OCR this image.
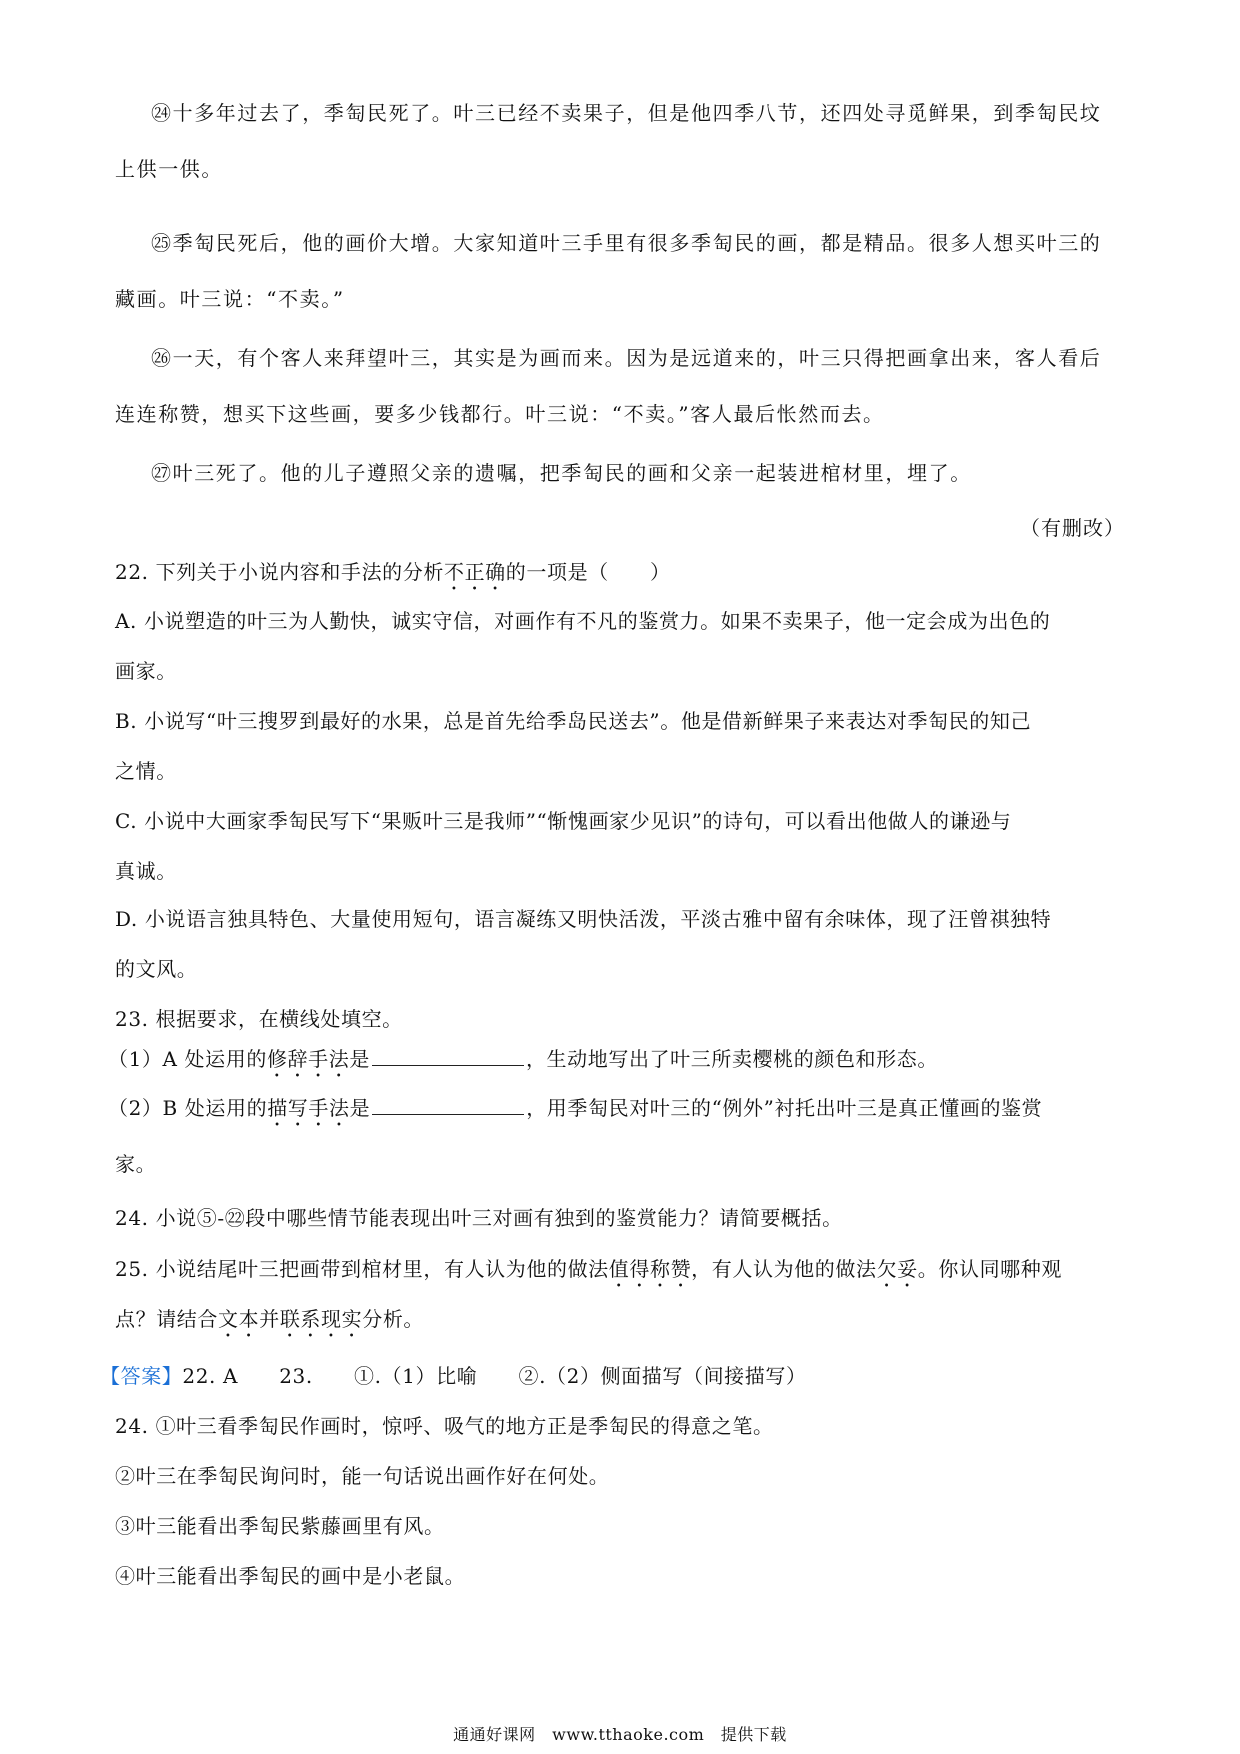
㉔十多年过去了，季匋民死了。叶三已经不卖果子，但是他四季八节，还四处寻觅鲜果，到季匋民坟
上供一供。
㉕季匋民死后，他的画价大增。大家知道叶三手里有很多季匋民的画，都是精品。很多人想买叶三的
藏画。叶三说：“不卖。”
㉖一天，有个客人来拜望叶三，其实是为画而来。因为是远道来的，叶三只得把画拿出来，客人看后
连连称赞，想买下这些画，要多少钱都行。叶三说：“不卖。”客人最后怅然而去。
㉗叶三死了。他的儿子遵照父亲的遗嘱，把季匋民的画和父亲一起装进棺材里，埋了。
（有删改）
22. 下列关于小说内容和手法的分析不正确的一项是（　　）
A. 小说塑造的叶三为人勤快，诚实守信，对画作有不凡的鉴赏力。如果不卖果子，他一定会成为出色的
画家。
B. 小说写“叶三搜罗到最好的水果，总是首先给季岛民送去”。他是借新鲜果子来表达对季匋民的知己
之情。
C. 小说中大画家季匋民写下“果贩叶三是我师”“惭愧画家少见识”的诗句，可以看出他做人的谦逊与
真诚。
D. 小说语言独具特色、大量使用短句，语言凝练又明快活泼，平淡古雅中留有余味体，现了汪曾祺独特
的文风。
23. 根据要求，在横线处填空。
（1）A 处运用的修辞手法是	，生动地写出了叶三所卖樱桃的颜色和形态。
（2）B 处运用的描写手法是	，用季匋民对叶三的“例外”衬托出叶三是真正懂画的鉴赏
家。
24. 小说⑤-㉒段中哪些情节能表现出叶三对画有独到的鉴赏能力？请简要概括。
25. 小说结尾叶三把画带到棺材里，有人认为他的做法值得称赞，有人认为他的做法欠妥。你认同哪种观
点？请结合文本并联系现实分析。
【答案】22. A　　23.　　①.（1）比喻　　②.（2）侧面描写（间接描写）
24. ①叶三看季匋民作画时，惊呼、吸气的地方正是季匋民的得意之笔。
②叶三在季匋民询问时，能一句话说出画作好在何处。
③叶三能看出季匋民紫藤画里有风。
④叶三能看出季匋民的画中是小老鼠。
通通好课网　www.tthaoke.com　提供下载
